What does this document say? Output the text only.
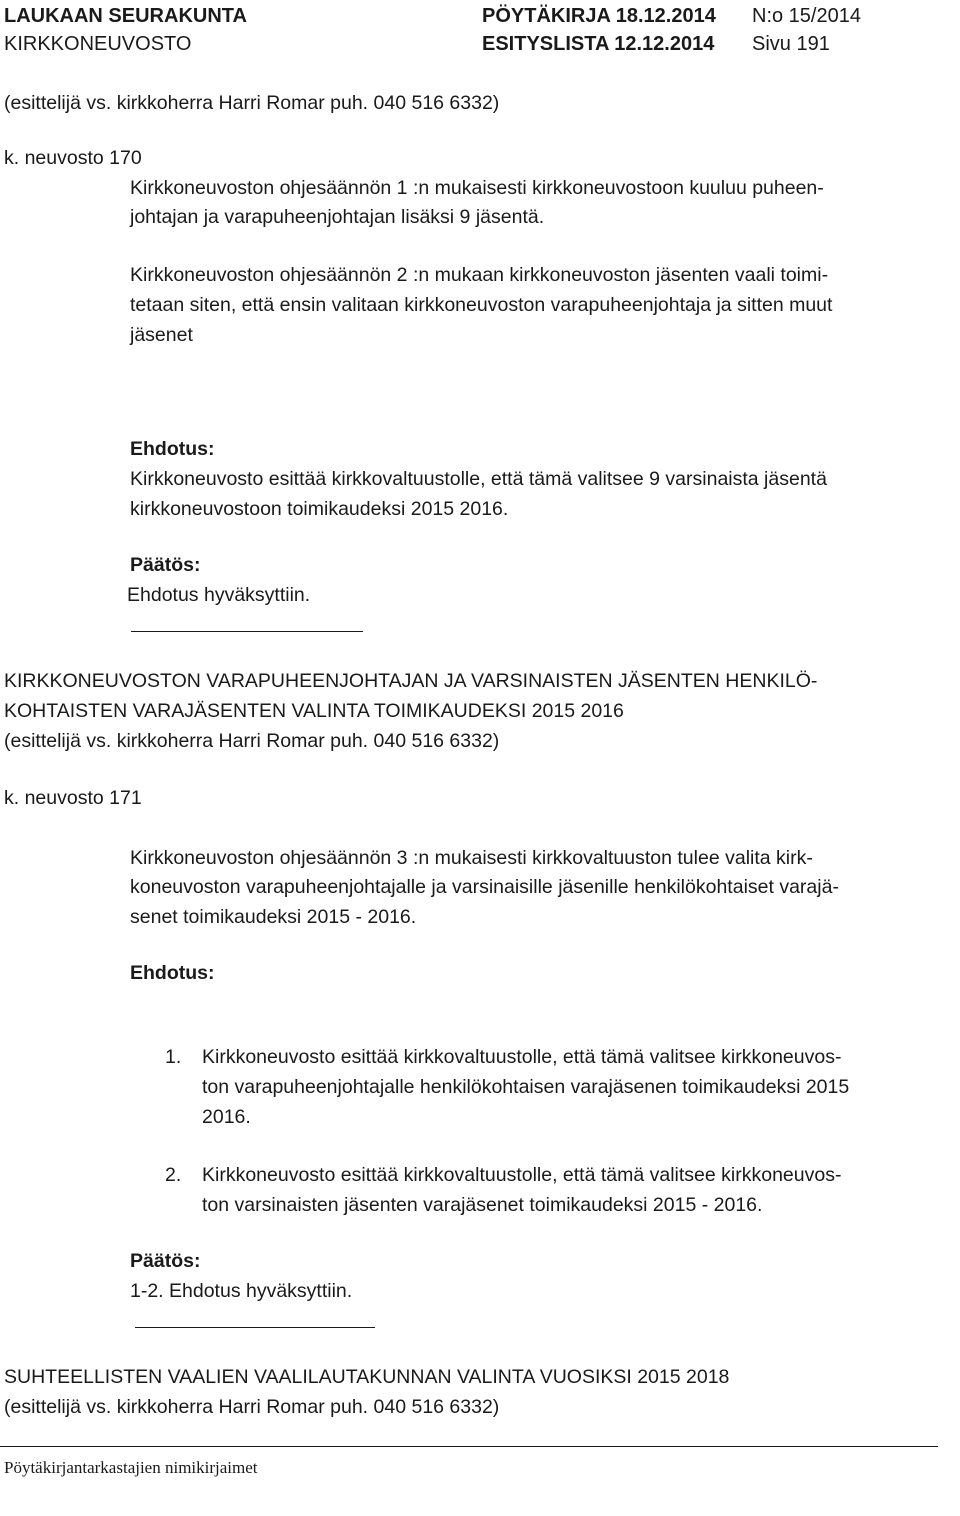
LAUKAAN SEURAKUNTA
KIRKKONEUVOSTO
PÖYTÄKIRJA 18.12.2014
ESITYSLISTA 12.12.2014
N:o 15/2014
Sivu 191
(esittelijä vs. kirkkoherra Harri Romar puh. 040 516 6332)
k. neuvosto 170
Kirkkoneuvoston ohjesäännön 1 :n mukaisesti kirkkoneuvostoon kuuluu puheen-
johtajan ja varapuheenjohtajan lisäksi 9 jäsentä.
Kirkkoneuvoston ohjesäännön 2 :n mukaan kirkkoneuvoston jäsenten vaali toimi-
tetaan siten, että ensin valitaan kirkkoneuvoston varapuheenjohtaja ja sitten muut
jäsenet
Ehdotus:
Kirkkoneuvosto esittää kirkkovaltuustolle, että tämä valitsee 9 varsinaista jäsentä
kirkkoneuvostoon toimikaudeksi 2015 2016.
Päätös:
Ehdotus hyväksyttiin.
KIRKKONEUVOSTON VARAPUHEENJOHTAJAN JA VARSINAISTEN JÄSENTEN HENKILÖ-
KOHTAISTEN VARAJÄSENTEN VALINTA TOIMIKAUDEKSI 2015 2016
(esittelijä vs. kirkkoherra Harri Romar puh. 040 516 6332)
k. neuvosto 171
Kirkkoneuvoston ohjesäännön 3 :n mukaisesti kirkkovaltuuston tulee valita kirk-
koneuvoston varapuheenjohtajalle ja varsinaisille jäsenille henkilökohtaiset varajä-
senet toimikaudeksi 2015 - 2016.
Ehdotus:
1. Kirkkoneuvosto esittää kirkkovaltuustolle, että tämä valitsee kirkkoneuvos-
ton varapuheenjohtajalle henkilökohtaisen varajäsenen toimikaudeksi 2015
2016.
2. Kirkkoneuvosto esittää kirkkovaltuustolle, että tämä valitsee kirkkoneuvos-
ton varsinaisten jäsenten varajäsenet toimikaudeksi 2015 - 2016.
Päätös:
1-2. Ehdotus hyväksyttiin.
SUHTEELLISTEN VAALIEN VAALILAUTAKUNNAN VALINTA VUOSIKSI 2015 2018
(esittelijä vs. kirkkoherra Harri Romar puh. 040 516 6332)
Pöytäkirjantarkastajien nimikirjaimet
